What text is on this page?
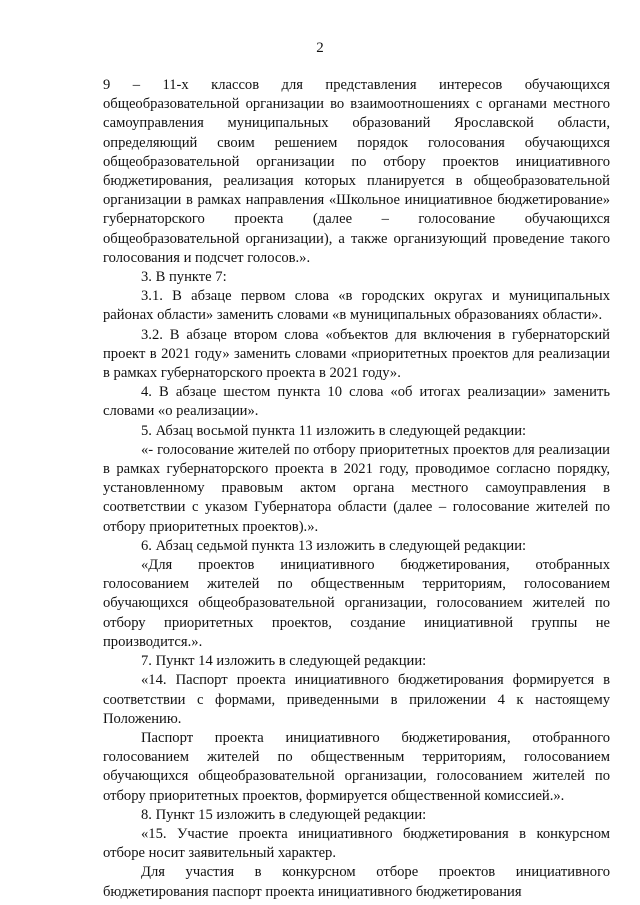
2

9 – 11-х классов для представления интересов обучающихся общеобразовательной организации во взаимоотношениях с органами местного самоуправления муниципальных образований Ярославской области, определяющий своим решением порядок голосования обучающихся общеобразовательной организации по отбору проектов инициативного бюджетирования, реализация которых планируется в общеобразовательной организации в рамках направления «Школьное инициативное бюджетирование» губернаторского проекта (далее – голосование обучающихся общеобразовательной организации), а также организующий проведение такого голосования и подсчет голосов.».

3. В пункте 7:

3.1. В абзаце первом слова «в городских округах и муниципальных районах области» заменить словами «в муниципальных образованиях области».

3.2. В абзаце втором слова «объектов для включения в губернаторский проект в 2021 году» заменить словами «приоритетных проектов для реализации в рамках губернаторского проекта в 2021 году».

4. В абзаце шестом пункта 10 слова «об итогах реализации» заменить словами «о реализации».

5. Абзац восьмой пункта 11 изложить в следующей редакции:

«- голосование жителей по отбору приоритетных проектов для реализации в рамках губернаторского проекта в 2021 году, проводимое согласно порядку, установленному правовым актом органа местного самоуправления в соответствии с указом Губернатора области (далее – голосование жителей по отбору приоритетных проектов).».

6. Абзац седьмой пункта 13 изложить в следующей редакции:

«Для проектов инициативного бюджетирования, отобранных голосованием жителей по общественным территориям, голосованием обучающихся общеобразовательной организации, голосованием жителей по отбору приоритетных проектов, создание инициативной группы не производится.».

7. Пункт 14 изложить в следующей редакции:

«14. Паспорт проекта инициативного бюджетирования формируется в соответствии с формами, приведенными в приложении 4 к настоящему Положению.

Паспорт проекта инициативного бюджетирования, отобранного голосованием жителей по общественным территориям, голосованием обучающихся общеобразовательной организации, голосованием жителей по отбору приоритетных проектов, формируется общественной комиссией.».

8. Пункт 15 изложить в следующей редакции:

«15. Участие проекта инициативного бюджетирования в конкурсном отборе носит заявительный характер.

Для участия в конкурсном отборе проектов инициативного бюджетирования паспорт проекта инициативного бюджетирования
